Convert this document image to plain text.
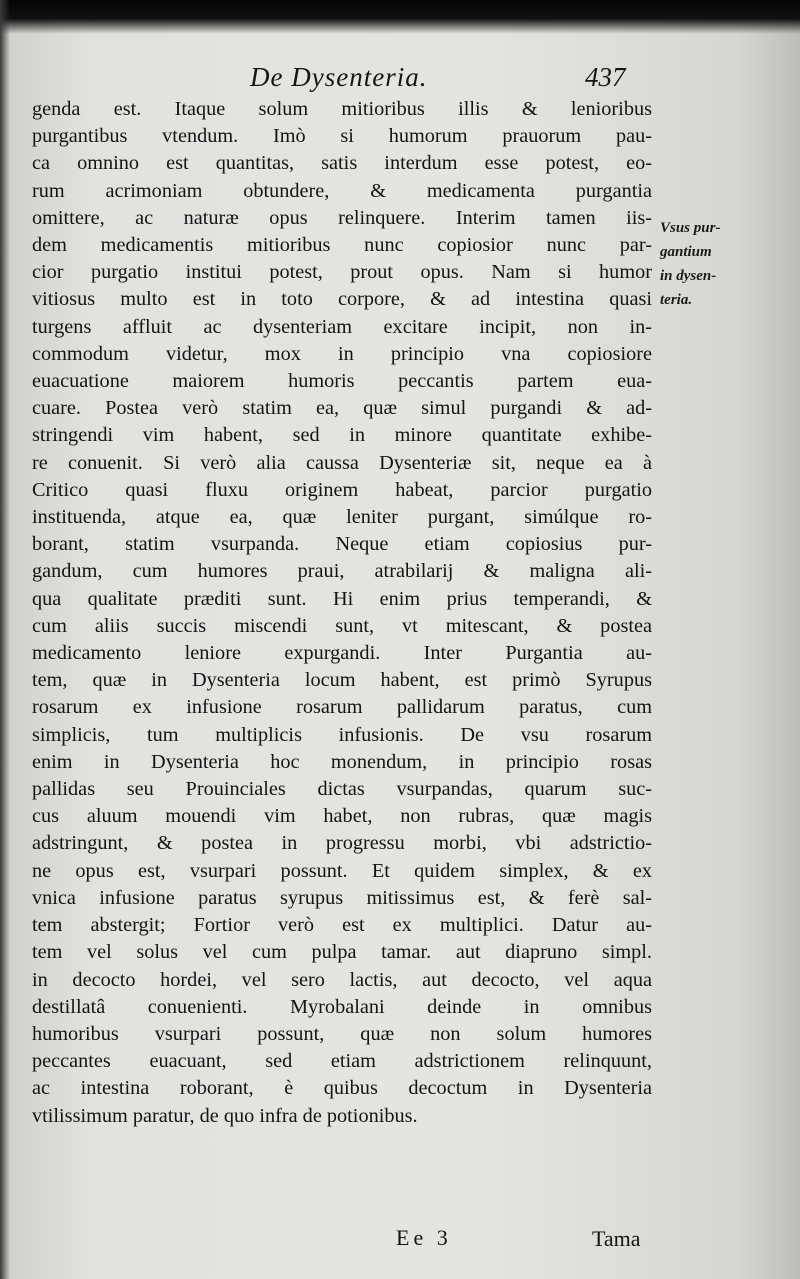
De Dysenteria.	437
genda est. Itaque solum mitioribus illis & lenioribus
purgantibus vtendum. Imò si humorum prauorum pau-
ca omnino est quantitas, satis interdum esse potest, eo-
rum acrimoniam obtundere, & medicamenta purgantia
omittere, ac naturæ opus relinquere. Interim tamen iis-
dem medicamentis mitioribus nunc copiosior nunc par-
cior purgatio institui potest, prout opus. Nam si humor
vitiosus multo est in toto corpore, & ad intestina quasi
turgens affluit ac dysenteriam excitare incipit, non in-
commodum videtur, mox in principio vna copiosiore
euacuatione maiorem humoris peccantis partem eua-
cuare. Postea verò statim ea, quæ simul purgandi & ad-
stringendi vim habent, sed in minore quantitate exhibe-
re conuenit. Si verò alia caussa Dysenteriæ sit, neque ea à
Critico quasi fluxu originem habeat, parcior purgatio
instituenda, atque ea, quæ leniter purgant, simúlque ro-
borant, statim vsurpanda. Neque etiam copiosius pur-
gandum, cum humores praui, atrabilarij & maligna ali-
qua qualitate præditi sunt. Hi enim prius temperandi, &
cum aliis succis miscendi sunt, vt mitescant, & postea
medicamento leniore expurgandi. Inter Purgantia au-
tem, quæ in Dysenteria locum habent, est primò Syrupus
rosarum ex infusione rosarum pallidarum paratus, cum
simplicis, tum multiplicis infusionis. De vsu rosarum
enim in Dysenteria hoc monendum, in principio rosas
pallidas seu Prouinciales dictas vsurpandas, quarum suc-
cus aluum mouendi vim habet, non rubras, quæ magis
adstringunt, & postea in progressu morbi, vbi adstrictio-
ne opus est, vsurpari possunt. Et quidem simplex, & ex
vnica infusione paratus syrupus mitissimus est, & ferè sal-
tem abstergit; Fortior verò est ex multiplici. Datur au-
tem vel solus vel cum pulpa tamar. aut diapruno simpl.
in decocto hordei, vel sero lactis, aut decocto, vel aqua
destillatâ conuenienti. Myrobalani deinde in omnibus
humoribus vsurpari possunt, quæ non solum humores
peccantes euacuant, sed etiam adstrictionem relinquunt,
ac intestina roborant, è quibus decoctum in Dysenteria
vtilissimum paratur, de quo infra de potionibus.
Vsus pur-
gantium
in dysen-
teria.
Ee 3	Tama
